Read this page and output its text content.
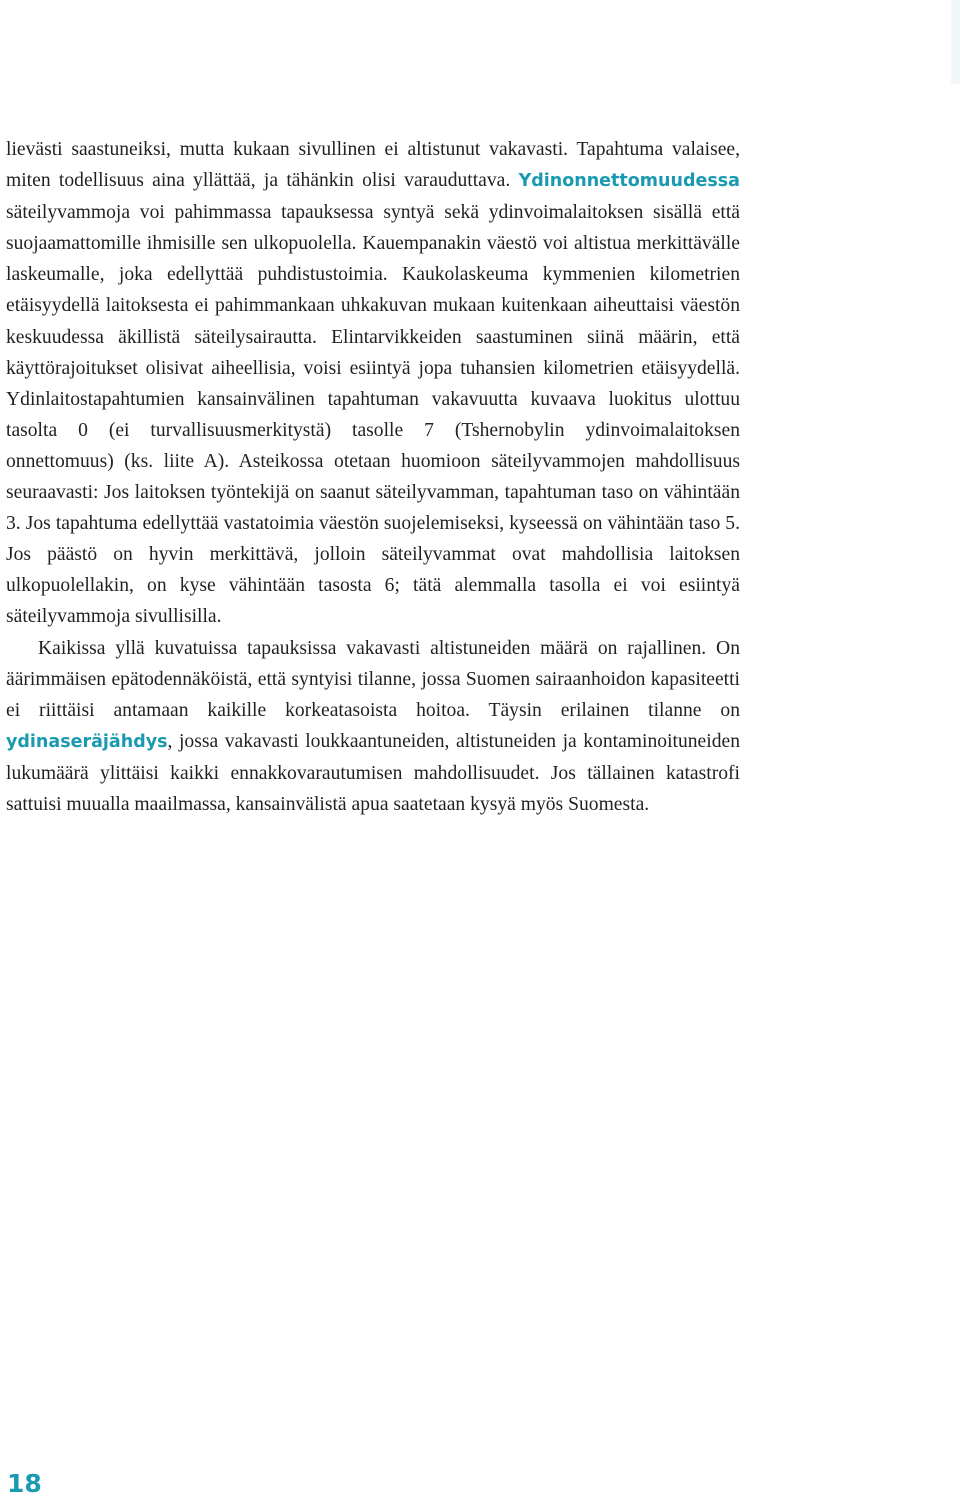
lievästi saastuneiksi, mutta kukaan sivullinen ei altistunut vakavasti. Tapahtuma valaisee, miten todellisuus aina yllättää, ja tähänkin olisi varauduttava. Ydinonnettomuudessa säteilyvammoja voi pahimmassa tapauksessa syntyä sekä ydinvoimalaitoksen sisällä että suojaamattomille ihmisille sen ulkopuolella. Kauempanakin väestö voi altistua merkittävälle laskeumalle, joka edellyttää puhdistustoimia. Kaukolaskeuma kymmenien kilometrien etäisyydellä laitoksesta ei pahimmankaan uhkakuvan mukaan kuitenkaan aiheuttaisi väestön keskuudessa äkillistä säteilysairautta. Elintarvikkeiden saastuminen siinä määrin, että käyttörajoitukset olisivat aiheellisia, voisi esiintyä jopa tuhansien kilometrien etäisyydellä. Ydinlaitostapahtumien kansainvälinen tapahtuman vakavuutta kuvaava luokitus ulottuu tasolta 0 (ei turvallisuusmerkitystä) tasolle 7 (Tshernobylin ydinvoimalaitoksen onnettomuus) (ks. liite A). Asteikossa otetaan huomioon säteilyvammojen mahdollisuus seuraavasti: Jos laitoksen työntekijä on saanut säteilyvamman, tapahtuman taso on vähintään 3. Jos tapahtuma edellyttää vastatoimia väestön suojelemiseksi, kyseessä on vähintään taso 5. Jos päästö on hyvin merkittävä, jolloin säteilyvammat ovat mahdollisia laitoksen ulkopuolellakin, on kyse vähintään tasosta 6; tätä alemmalla tasolla ei voi esiintyä säteilyvammoja sivullisilla.

Kaikissa yllä kuvatuissa tapauksissa vakavasti altistuneiden määrä on rajallinen. On äärimmäisen epätodennäköistä, että syntyisi tilanne, jossa Suomen sairaanhoidon kapasiteetti ei riittäisi antamaan kaikille korkeatasoista hoitoa. Täysin erilainen tilanne on ydinaseräjähdys, jossa vakavasti loukkaantuneiden, altistuneiden ja kontaminoituneiden lukumäärä ylittäisi kaikki ennakkovarautumisen mahdollisuudet. Jos tällainen katastrofi sattuisi muualla maailmassa, kansainvälistä apua saatetaan kysyä myös Suomesta.

18
